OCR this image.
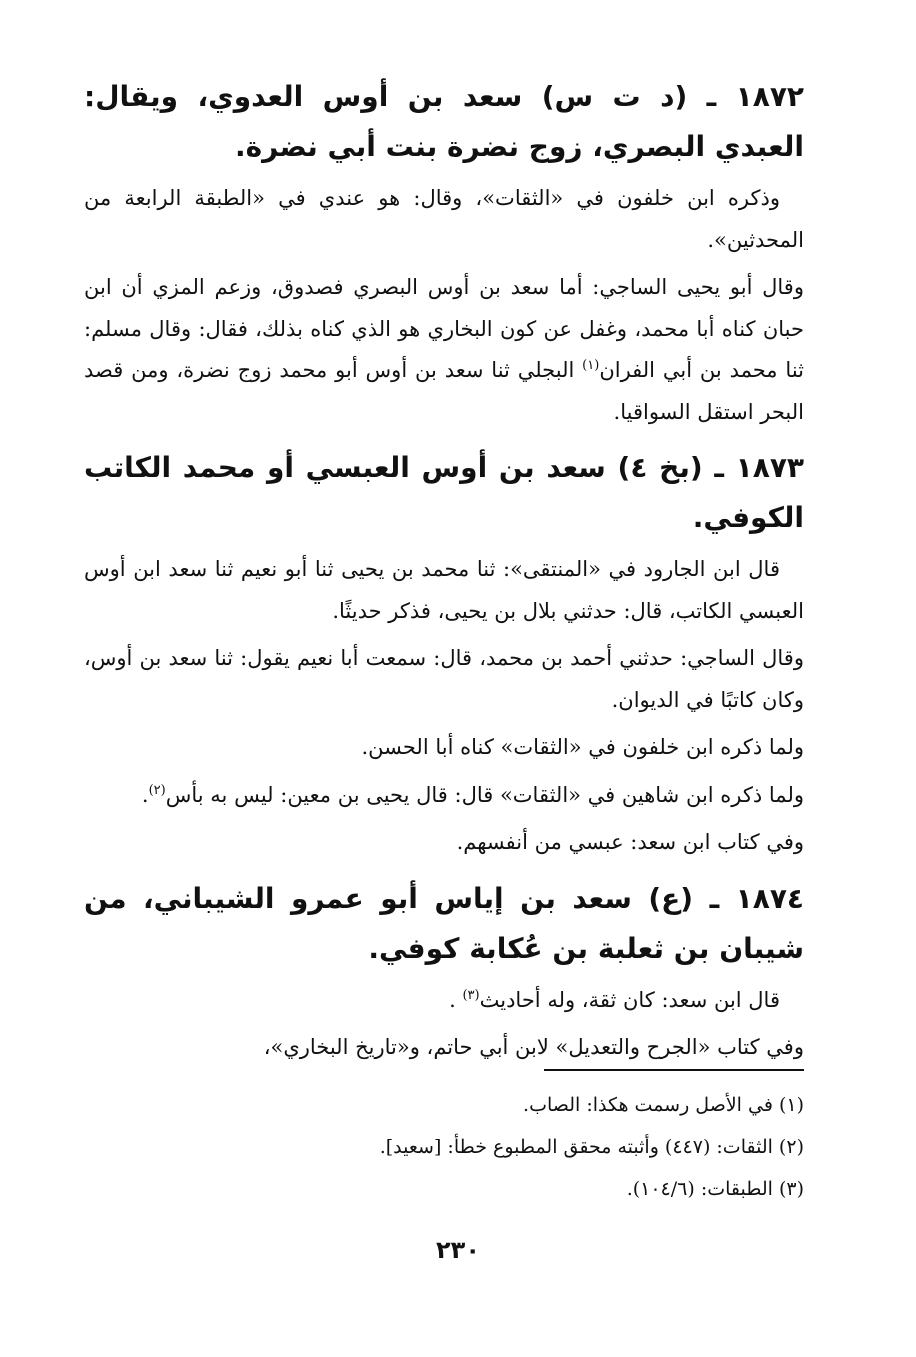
١٨٧٢ ـ (د ت س) سعد بن أوس العدوي، ويقال: العبدي البصري، زوج نضرة بنت أبي نضرة.

وذكره ابن خلفون في «الثقات»، وقال: هو عندي في «الطبقة الرابعة من المحدثين».

وقال أبو يحيى الساجي: أما سعد بن أوس البصري فصدوق، وزعم المزي أن ابن حبان كناه أبا محمد، وغفل عن كون البخاري هو الذي كناه بذلك، فقال: وقال مسلم: ثنا محمد بن أبي الفران$^{(١)}$ البجلي ثنا سعد بن أوس أبو محمد زوج نضرة، ومن قصد البحر استقل السواقيا.

١٨٧٣ ـ (بخ ٤) سعد بن أوس العبسي أو محمد الكاتب الكوفي.

قال ابن الجارود في «المنتقى»: ثنا محمد بن يحيى ثنا أبو نعيم ثنا سعد ابن أوس العبسي الكاتب، قال: حدثني بلال بن يحيى، فذكر حديثًا.

وقال الساجي: حدثني أحمد بن محمد، قال: سمعت أبا نعيم يقول: ثنا سعد بن أوس، وكان كاتبًا في الديوان.

ولما ذكره ابن خلفون في «الثقات» كناه أبا الحسن.

ولما ذكره ابن شاهين في «الثقات» قال: قال يحيى بن معين: ليس به بأس$^{(٢)}$.

وفي كتاب ابن سعد: عبسي من أنفسهم.

١٨٧٤ ـ (ع) سعد بن إياس أبو عمرو الشيباني، من شيبان بن ثعلبة بن عُكابة كوفي.

قال ابن سعد: كان ثقة، وله أحاديث$^{(٣)}$ .

وفي كتاب «الجرح والتعديل» لابن أبي حاتم، و«تاريخ البخاري»،

(١) في الأصل رسمت هكذا: الصاب.

(٢) الثقات: (٤٤٧) وأثبته محقق المطبوع خطأ: [سعيد].

(٣) الطبقات: (١٠٤/٦).

٢٣٠
